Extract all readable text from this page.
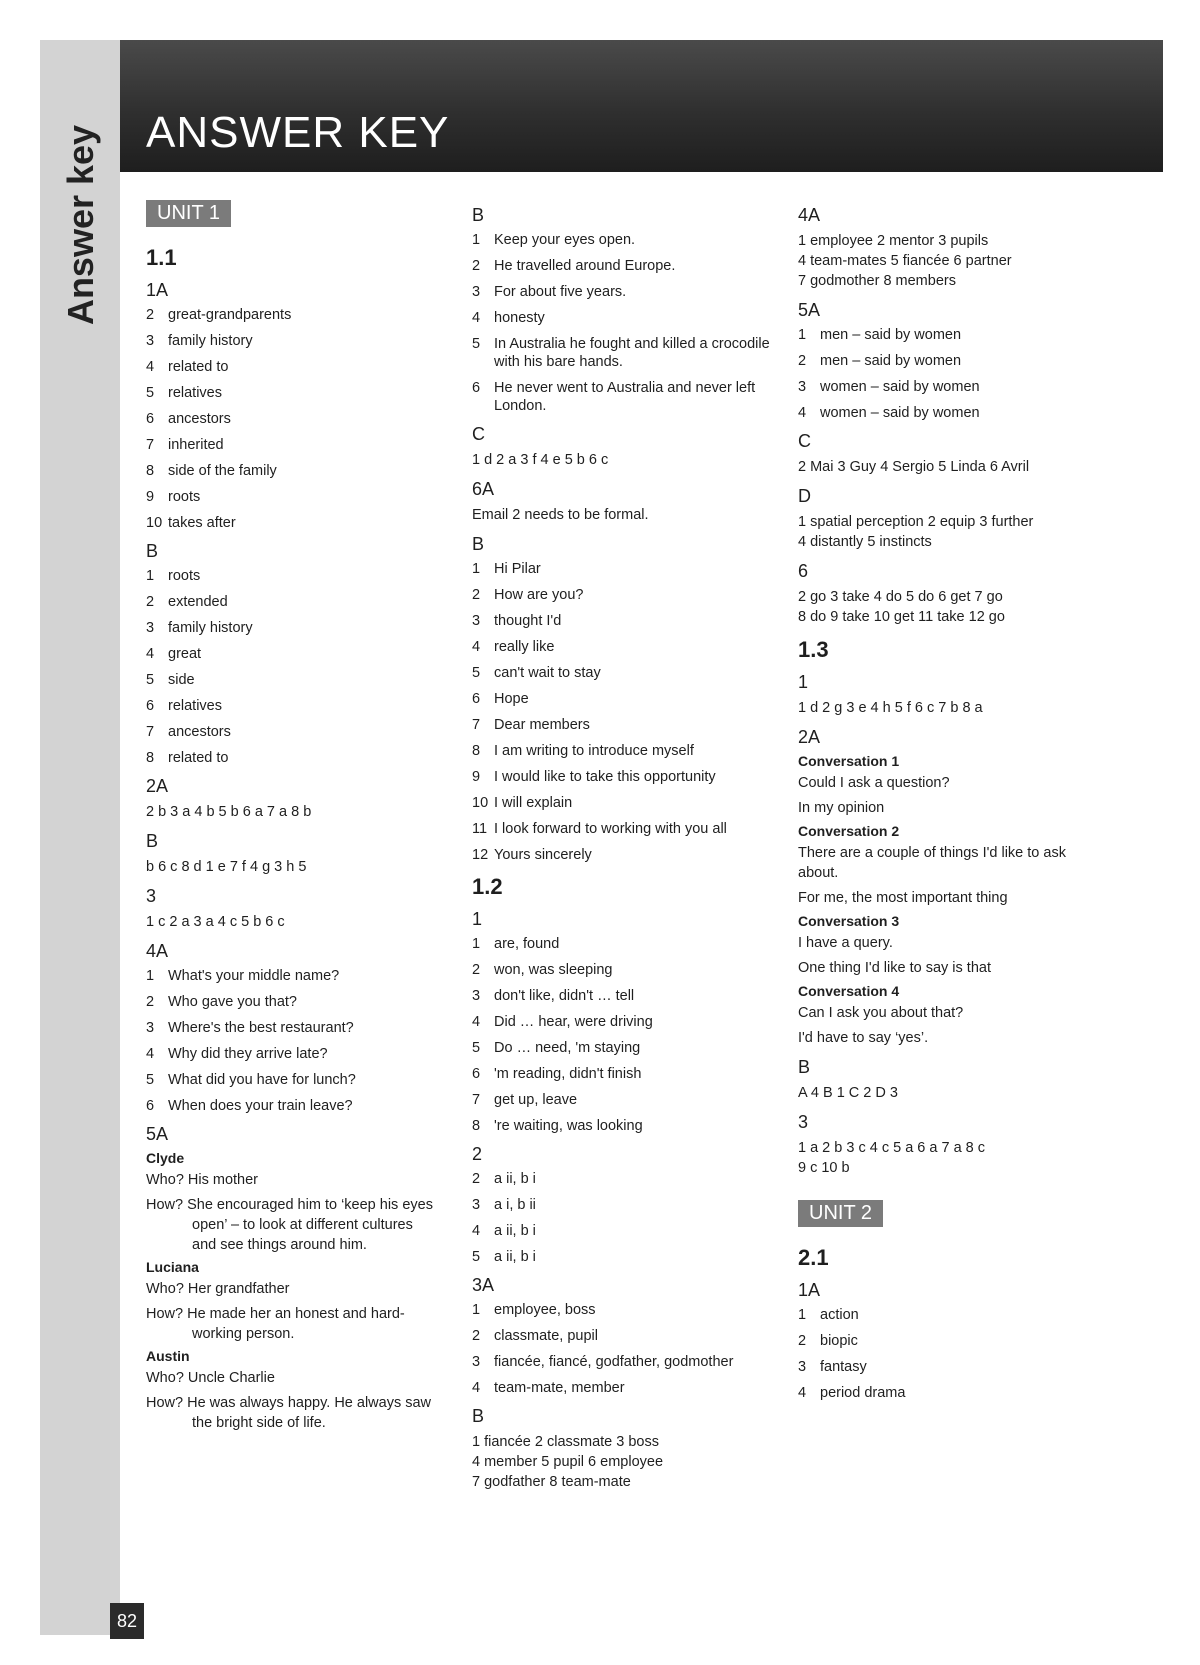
Answer key
82
ANSWER KEY
UNIT 1
1.1
1A
2 great-grandparents
3 family history
4 related to
5 relatives
6 ancestors
7 inherited
8 side of the family
9 roots
10 takes after
B
1 roots
2 extended
3 family history
4 great
5 side
6 relatives
7 ancestors
8 related to
2A
2 b 3 a 4 b 5 b 6 a 7 a 8 b
B
b 6 c 8 d 1 e 7 f 4 g 3 h 5
3
1 c 2 a 3 a 4 c 5 b 6 c
4A
1 What's your middle name?
2 Who gave you that?
3 Where's the best restaurant?
4 Why did they arrive late?
5 What did you have for lunch?
6 When does your train leave?
5A
Clyde
Who? His mother
How? She encouraged him to ‘keep his eyes open’ – to look at different cultures and see things around him.
Luciana
Who? Her grandfather
How? He made her an honest and hard-working person.
Austin
Who? Uncle Charlie
How? He was always happy. He always saw the bright side of life.
B
1 Keep your eyes open.
2 He travelled around Europe.
3 For about five years.
4 honesty
5 In Australia he fought and killed a crocodile with his bare hands.
6 He never went to Australia and never left London.
C
1 d 2 a 3 f 4 e 5 b 6 c
6A
Email 2 needs to be formal.
B
1 Hi Pilar
2 How are you?
3 thought I'd
4 really like
5 can't wait to stay
6 Hope
7 Dear members
8 I am writing to introduce myself
9 I would like to take this opportunity
10 I will explain
11 I look forward to working with you all
12 Yours sincerely
1.2
1
1 are, found
2 won, was sleeping
3 don't like, didn't … tell
4 Did … hear, were driving
5 Do … need, 'm staying
6 'm reading, didn't finish
7 get up, leave
8 're waiting, was looking
2
2 a ii, b i
3 a i, b ii
4 a ii, b i
5 a ii, b i
3A
1 employee, boss
2 classmate, pupil
3 fiancée, fiancé, godfather, godmother
4 team-mate, member
B
1 fiancée 2 classmate 3 boss
4 member 5 pupil 6 employee
7 godfather 8 team-mate
4A
1 employee 2 mentor 3 pupils
4 team-mates 5 fiancée 6 partner
7 godmother 8 members
5A
1 men – said by women
2 men – said by women
3 women – said by women
4 women – said by women
C
2 Mai 3 Guy 4 Sergio 5 Linda 6 Avril
D
1 spatial perception 2 equip 3 further
4 distantly 5 instincts
6
2 go 3 take 4 do 5 do 6 get 7 go
8 do 9 take 10 get 11 take 12 go
1.3
1
1 d 2 g 3 e 4 h 5 f 6 c 7 b 8 a
2A
Conversation 1
Could I ask a question?
In my opinion
Conversation 2
There are a couple of things I'd like to ask about.
For me, the most important thing
Conversation 3
I have a query.
One thing I'd like to say is that
Conversation 4
Can I ask you about that?
I'd have to say ‘yes’.
B
A 4 B 1 C 2 D 3
3
1 a 2 b 3 c 4 c 5 a 6 a 7 a 8 c
9 c 10 b
UNIT 2
2.1
1A
1 action
2 biopic
3 fantasy
4 period drama
